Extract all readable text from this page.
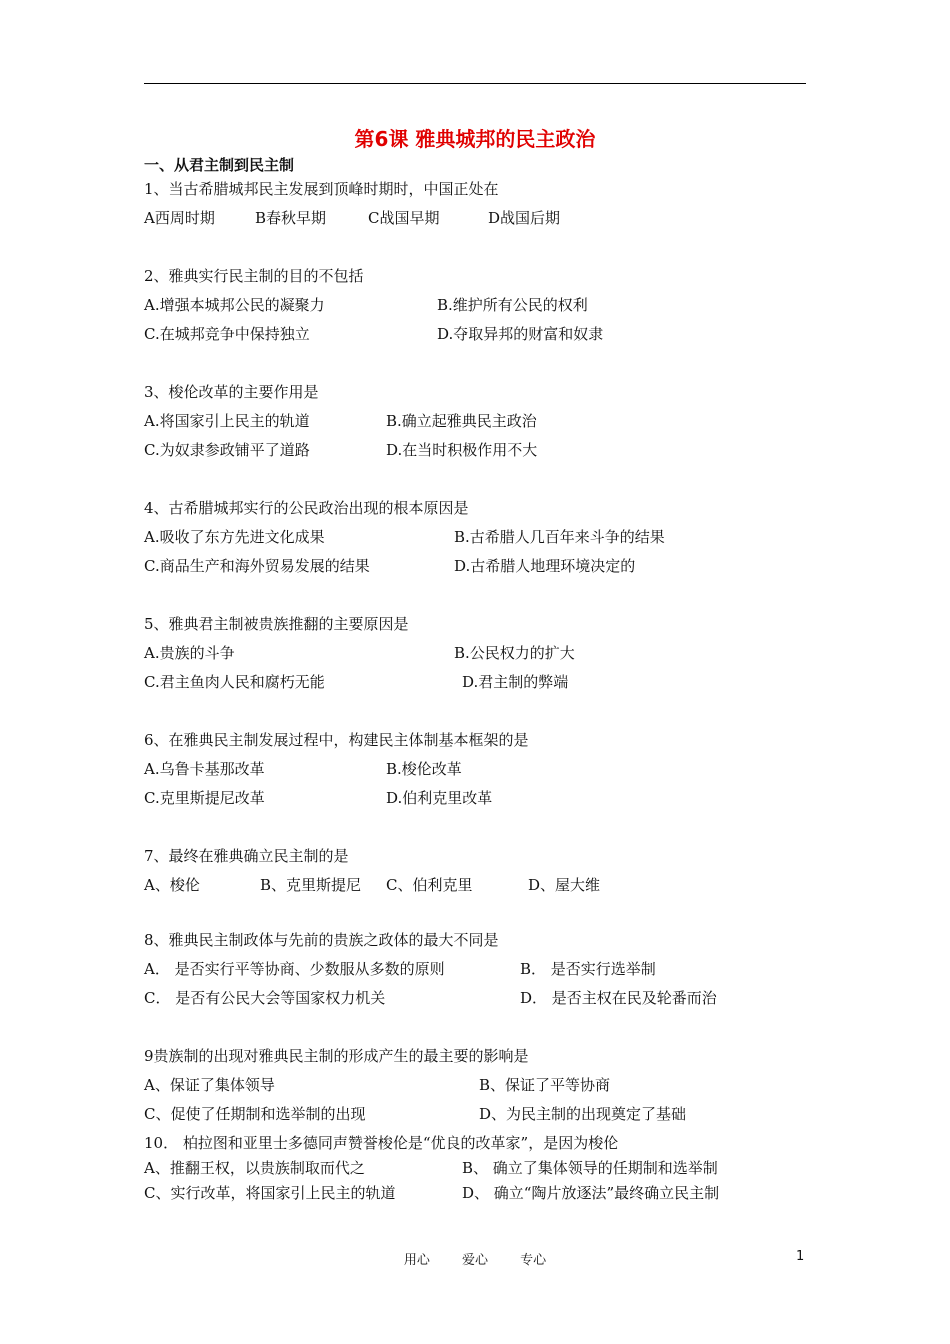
第6课 雅典城邦的民主政治
一、从君主制到民主制
1、当古希腊城邦民主发展到顶峰时期时，中国正处在
A西周时期	B春秋早期	C战国早期	D战国后期
2、雅典实行民主制的目的不包括
A.增强本城邦公民的凝聚力	B.维护所有公民的权利
C.在城邦竞争中保持独立	D.夺取异邦的财富和奴隶
3、梭伦改革的主要作用是
A.将国家引上民主的轨道	B.确立起雅典民主政治
C.为奴隶参政铺平了道路	D.在当时积极作用不大
4、古希腊城邦实行的公民政治出现的根本原因是
A.吸收了东方先进文化成果	B.古希腊人几百年来斗争的结果
C.商品生产和海外贸易发展的结果	D.古希腊人地理环境决定的
5、雅典君主制被贵族推翻的主要原因是
A.贵族的斗争	B.公民权力的扩大
C.君主鱼肉人民和腐朽无能	D.君主制的弊端
6、在雅典民主制发展过程中，构建民主体制基本框架的是
A.乌鲁卡基那改革	B.梭伦改革
C.克里斯提尼改革	D.伯利克里改革
7、最终在雅典确立民主制的是
A、梭伦	B、克里斯提尼 C、伯利克里	D、屋大维
8、雅典民主制政体与先前的贵族之政体的最大不同是
A． 是否实行平等协商、少数服从多数的原则	B． 是否实行选举制
C． 是否有公民大会等国家权力机关	D． 是否主权在民及轮番而治
9贵族制的出现对雅典民主制的形成产生的最主要的影响是
A、保证了集体领导	B、保证了平等协商
C、促使了任期制和选举制的出现	D、为民主制的出现奠定了基础
10． 柏拉图和亚里士多德同声赞誉梭伦是“优良的改革家”，是因为梭伦
A、推翻王权，以贵族制取而代之	B、 确立了集体领导的任期制和选举制
C、实行改革，将国家引上民主的轨道	D、 确立“陶片放逐法”最终确立民主制
用心 爱心 专心	1
